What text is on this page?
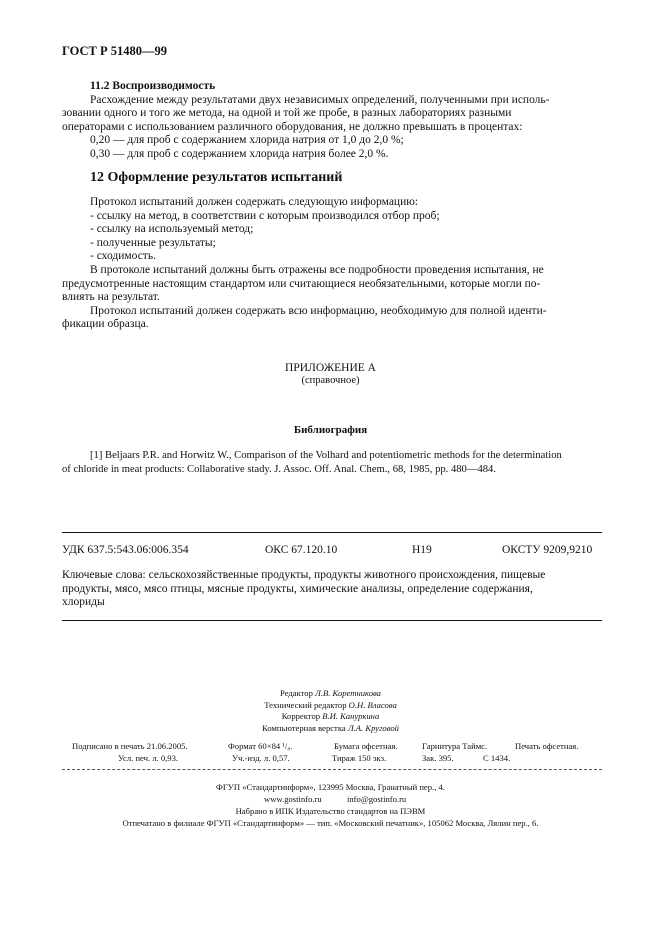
ГОСТ Р 51480—99
11.2 Воспроизводимость
Расхождение между результатами двух независимых определений, полученными при исполь-
зовании одного и того же метода, на одной и той же пробе, в разных лабораториях разными
операторами с использованием различного оборудования, не должно превышать в процентах:
0,20 — для проб с содержанием хлорида натрия от 1,0 до 2,0 %;
0,30 — для проб с содержанием хлорида натрия более 2,0 %.
12 Оформление результатов испытаний
Протокол испытаний должен содержать следующую информацию:
- ссылку на метод, в соответствии с которым производился отбор проб;
- ссылку на используемый метод;
- полученные результаты;
- сходимость.
В протоколе испытаний должны быть отражены все подробности проведения испытания, не
предусмотренные настоящим стандартом или считающиеся необязательными, которые могли по-
влиять на результат.
Протокол испытаний должен содержать всю информацию, необходимую для полной иденти-
фикации образца.
ПРИЛОЖЕНИЕ А
(справочное)
Библиография
[1] Beljaars P.R. and Horwitz W., Comparison of the Volhard and potentiometric methods for the determination
of chloride in meat products: Collaborative stady. J. Assoc. Off. Anal. Chem., 68, 1985, pp. 480—484.
УДК 637.5:543.06:006.354	ОКС 67.120.10	Н19	ОКСТУ 9209,9210
Ключевые слова: сельскохозяйственные продукты, продукты животного происхождения, пищевые
продукты, мясо, мясо птицы, мясные продукты, химические анализы, определение содержания,
хлориды
Редактор Л.В. Коретникова
Технический редактор О.Н. Власова
Корректор В.И. Кануркина
Компьютерная верстка Л.А. Круговой
Подписано в печать 21.06.2005.	Формат 60×84 ¹/₈.	Бумага офсетная.	Гарнитура Таймс.	Печать офсетная.
Усл. печ. л. 0,93.	Уч.-изд. л. 0,57.	Тираж 150 экз.	Зак. 395.	С 1434.
ФГУП «Стандартинформ», 123995 Москва, Гранатный пер., 4.
www.gostinfo.ru	info@gostinfo.ru
Набрано в ИПК Издательство стандартов на ПЭВМ
Отпечатано в филиале ФГУП «Стандартинформ» — тип. «Московский печатник», 105062 Москва, Лялин пер., 6.
